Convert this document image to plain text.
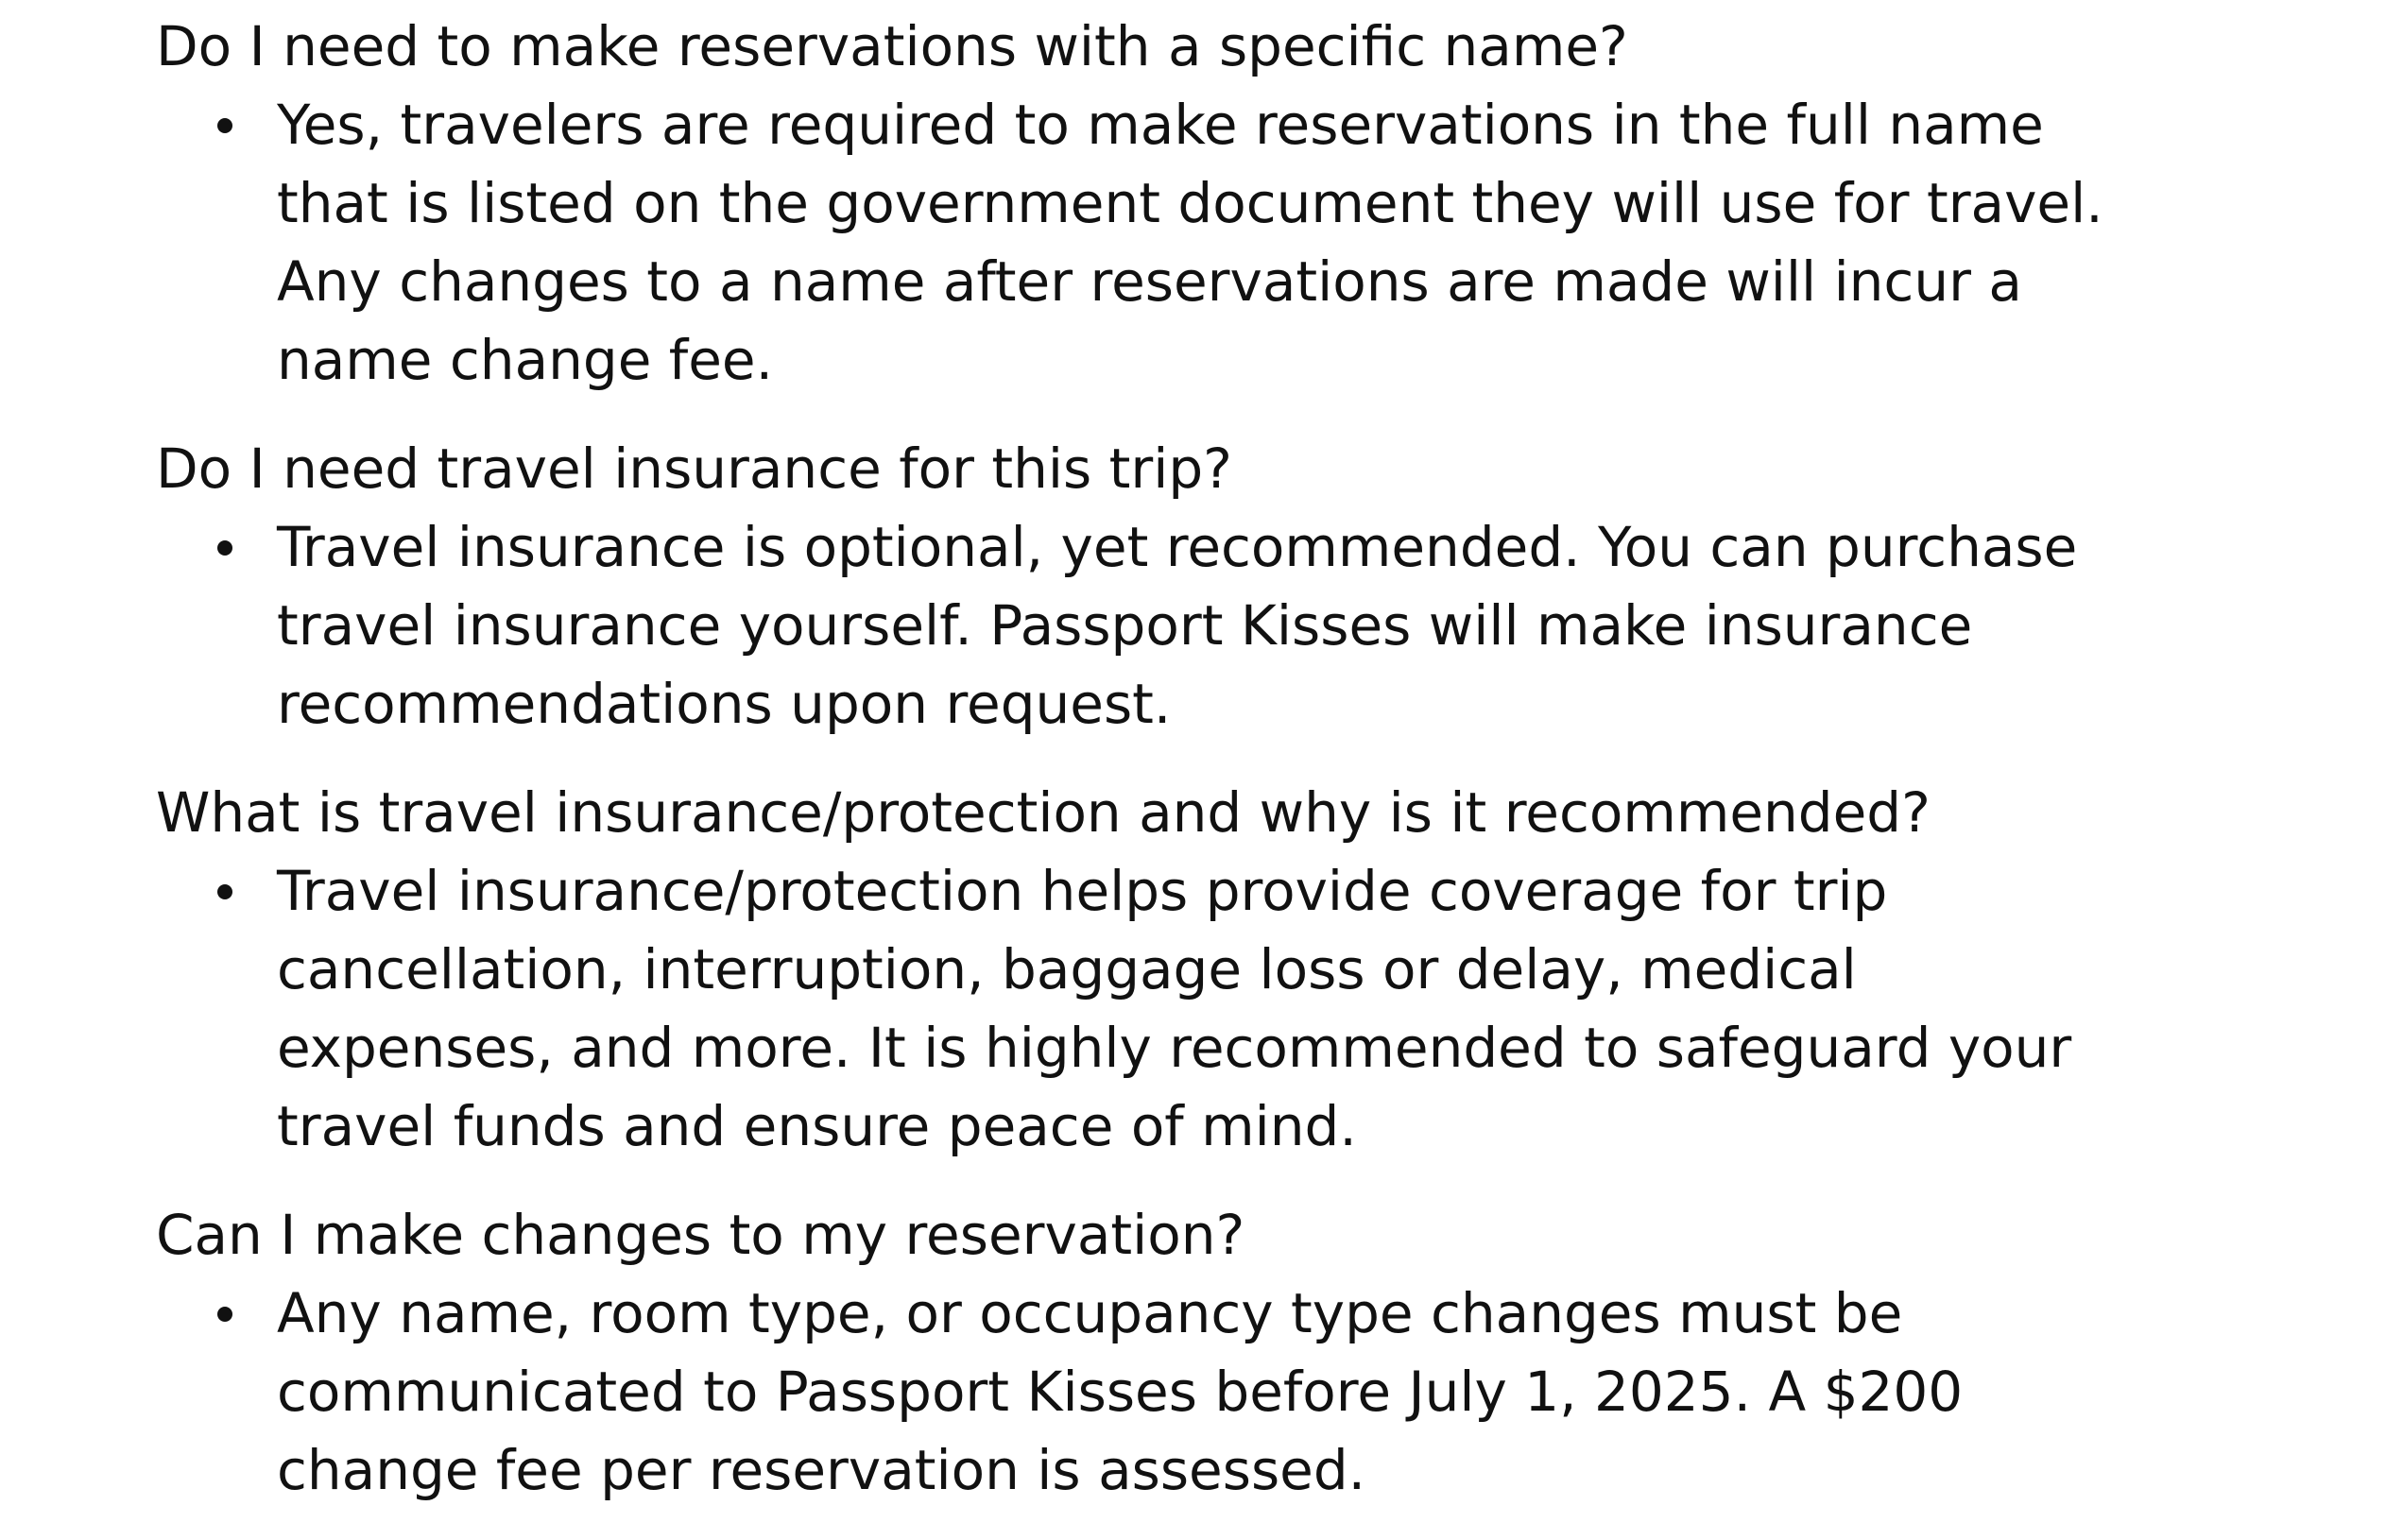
Do I need to make reservations with a specific name?

Yes, travelers are required to make reservations in the full name
that is listed on the government document they will use for travel.
Any changes to a name after reservations are made will incur a
name change fee.

Do I need travel insurance for this trip?

Travel insurance is optional, yet recommended. You can purchase
travel insurance yourself. Passport Kisses will make insurance
recommendations upon request.

What is travel insurance/protection and why is it recommended?

Travel insurance/protection helps provide coverage for trip
cancellation, interruption, baggage loss or delay, medical
expenses, and more. It is highly recommended to safeguard your
travel funds and ensure peace of mind.

Can I make changes to my reservation?

Any name, room type, or occupancy type changes must be
communicated to Passport Kisses before July 1, 2025. A $200
change fee per reservation is assessed.
